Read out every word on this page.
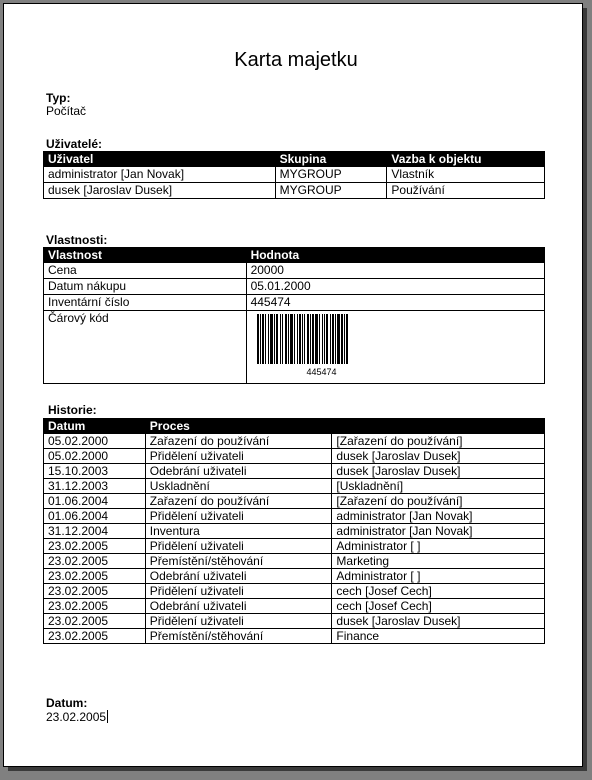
Karta majetku
Typ:
Počítač
Uživatelé:
Uživatel	Skupina	Vazba k objektu
administrator [Jan Novak]	MYGROUP	Vlastník
dusek [Jaroslav Dusek]	MYGROUP	Používání
Vlastnosti:
Vlastnost	Hodnota
Cena	20000
Datum nákupu	05.01.2000
Inventární číslo	445474
Čárový kód	445474
Historie:
Datum	Proces	
05.02.2000	Zařazení do používání	[Zařazení do používání]
05.02.2000	Přidělení uživateli	dusek [Jaroslav Dusek]
15.10.2003	Odebrání uživateli	dusek [Jaroslav Dusek]
31.12.2003	Uskladnění	[Uskladnění]
01.06.2004	Zařazení do používání	[Zařazení do používání]
01.06.2004	Přidělení uživateli	administrator [Jan Novak]
31.12.2004	Inventura	administrator [Jan Novak]
23.02.2005	Přidělení uživateli	Administrator [ ]
23.02.2005	Přemístění/stěhování	Marketing
23.02.2005	Odebrání uživateli	Administrator [ ]
23.02.2005	Přidělení uživateli	cech [Josef Cech]
23.02.2005	Odebrání uživateli	cech [Josef Cech]
23.02.2005	Přidělení uživateli	dusek [Jaroslav Dusek]
23.02.2005	Přemístění/stěhování	Finance
Datum:
23.02.2005
